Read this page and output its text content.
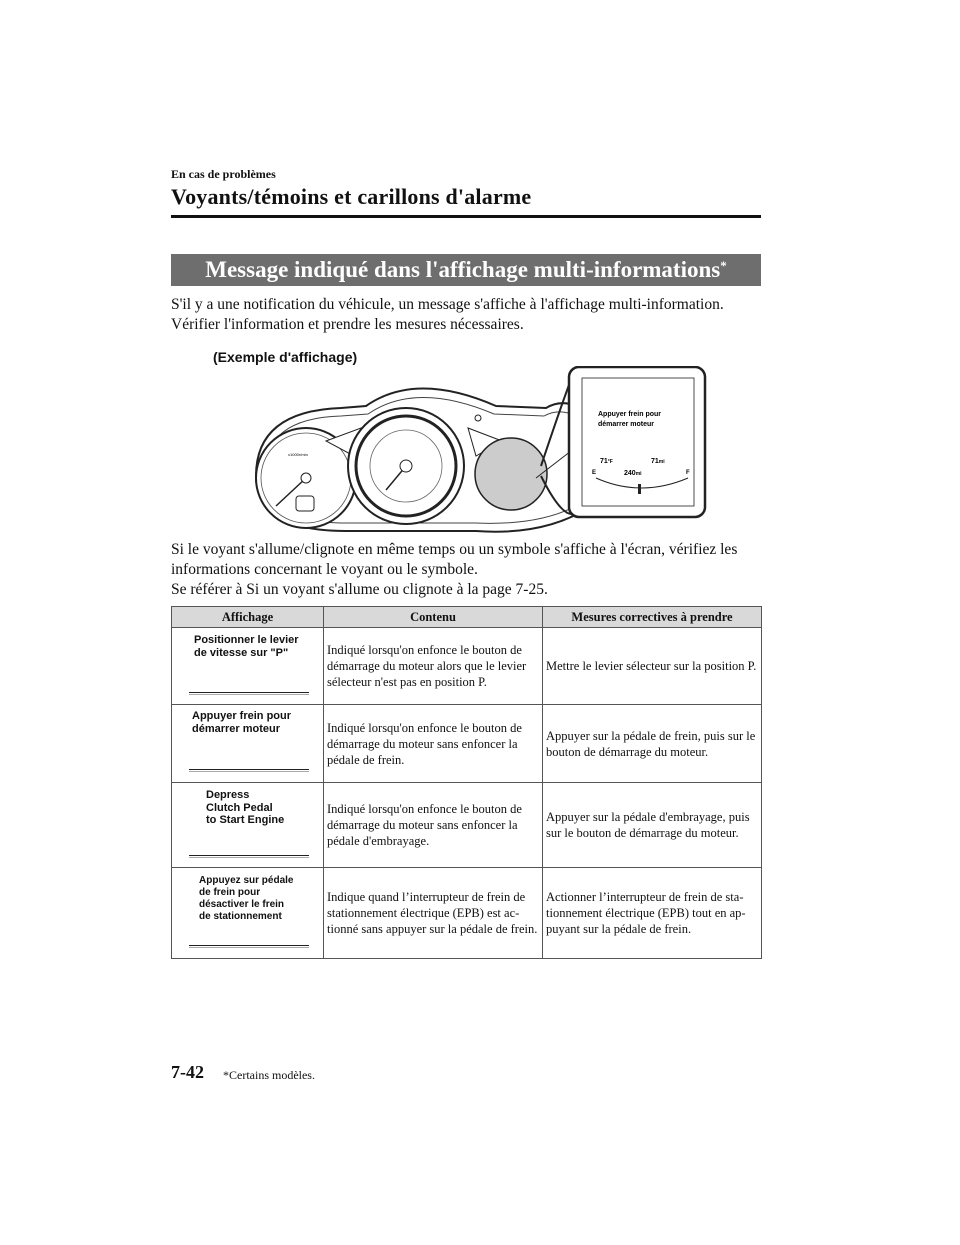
En cas de problèmes
Voyants/témoins et carillons d'alarme
Message indiqué dans l'affichage multi-informations*

S'il y a une notification du véhicule, un message s'affiche à l'affichage multi-information.

Vérifier l'information et prendre les mesures nécessaires.

(Exemple d'affichage)
x1000r/min
Appuyer frein pour démarrer moteur
71°F	71mi
E	F
240mi

Si le voyant s'allume/clignote en même temps ou un symbole s'affiche à l'écran, vérifiez les

informations concernant le voyant ou le symbole.

Se référer à Si un voyant s'allume ou clignote à la page 7-25.

Affichage	Contenu	Mesures correctives à prendre

Positionner le levier
de vitesse sur "P"	Indiqué lorsqu'on enfonce le bouton de démarrage du moteur alors que le levier sélecteur n'est pas en position P.	Mettre le levier sélecteur sur la position P.

Appuyer frein pour
démarrer moteur	Indiqué lorsqu'on enfonce le bouton de démarrage du moteur sans enfoncer la pédale de frein.	Appuyer sur la pédale de frein, puis sur le bouton de démarrage du moteur.

Depress
Clutch Pedal
to Start Engine	Indiqué lorsqu'on enfonce le bouton de démarrage du moteur sans enfoncer la pédale d'embrayage.	Appuyer sur la pédale d'embrayage, puis sur le bouton de démarrage du moteur.

Appuyez sur pédale
de frein pour
désactiver le frein
de stationnement	Indique quand l’interrupteur de frein de stationnement électrique (EPB) est ac-tionné sans appuyer sur la pédale de frein.	Actionner l’interrupteur de frein de sta-tionnement électrique (EPB) tout en ap-puyant sur la pédale de frein.
7-42 *Certains modèles.
